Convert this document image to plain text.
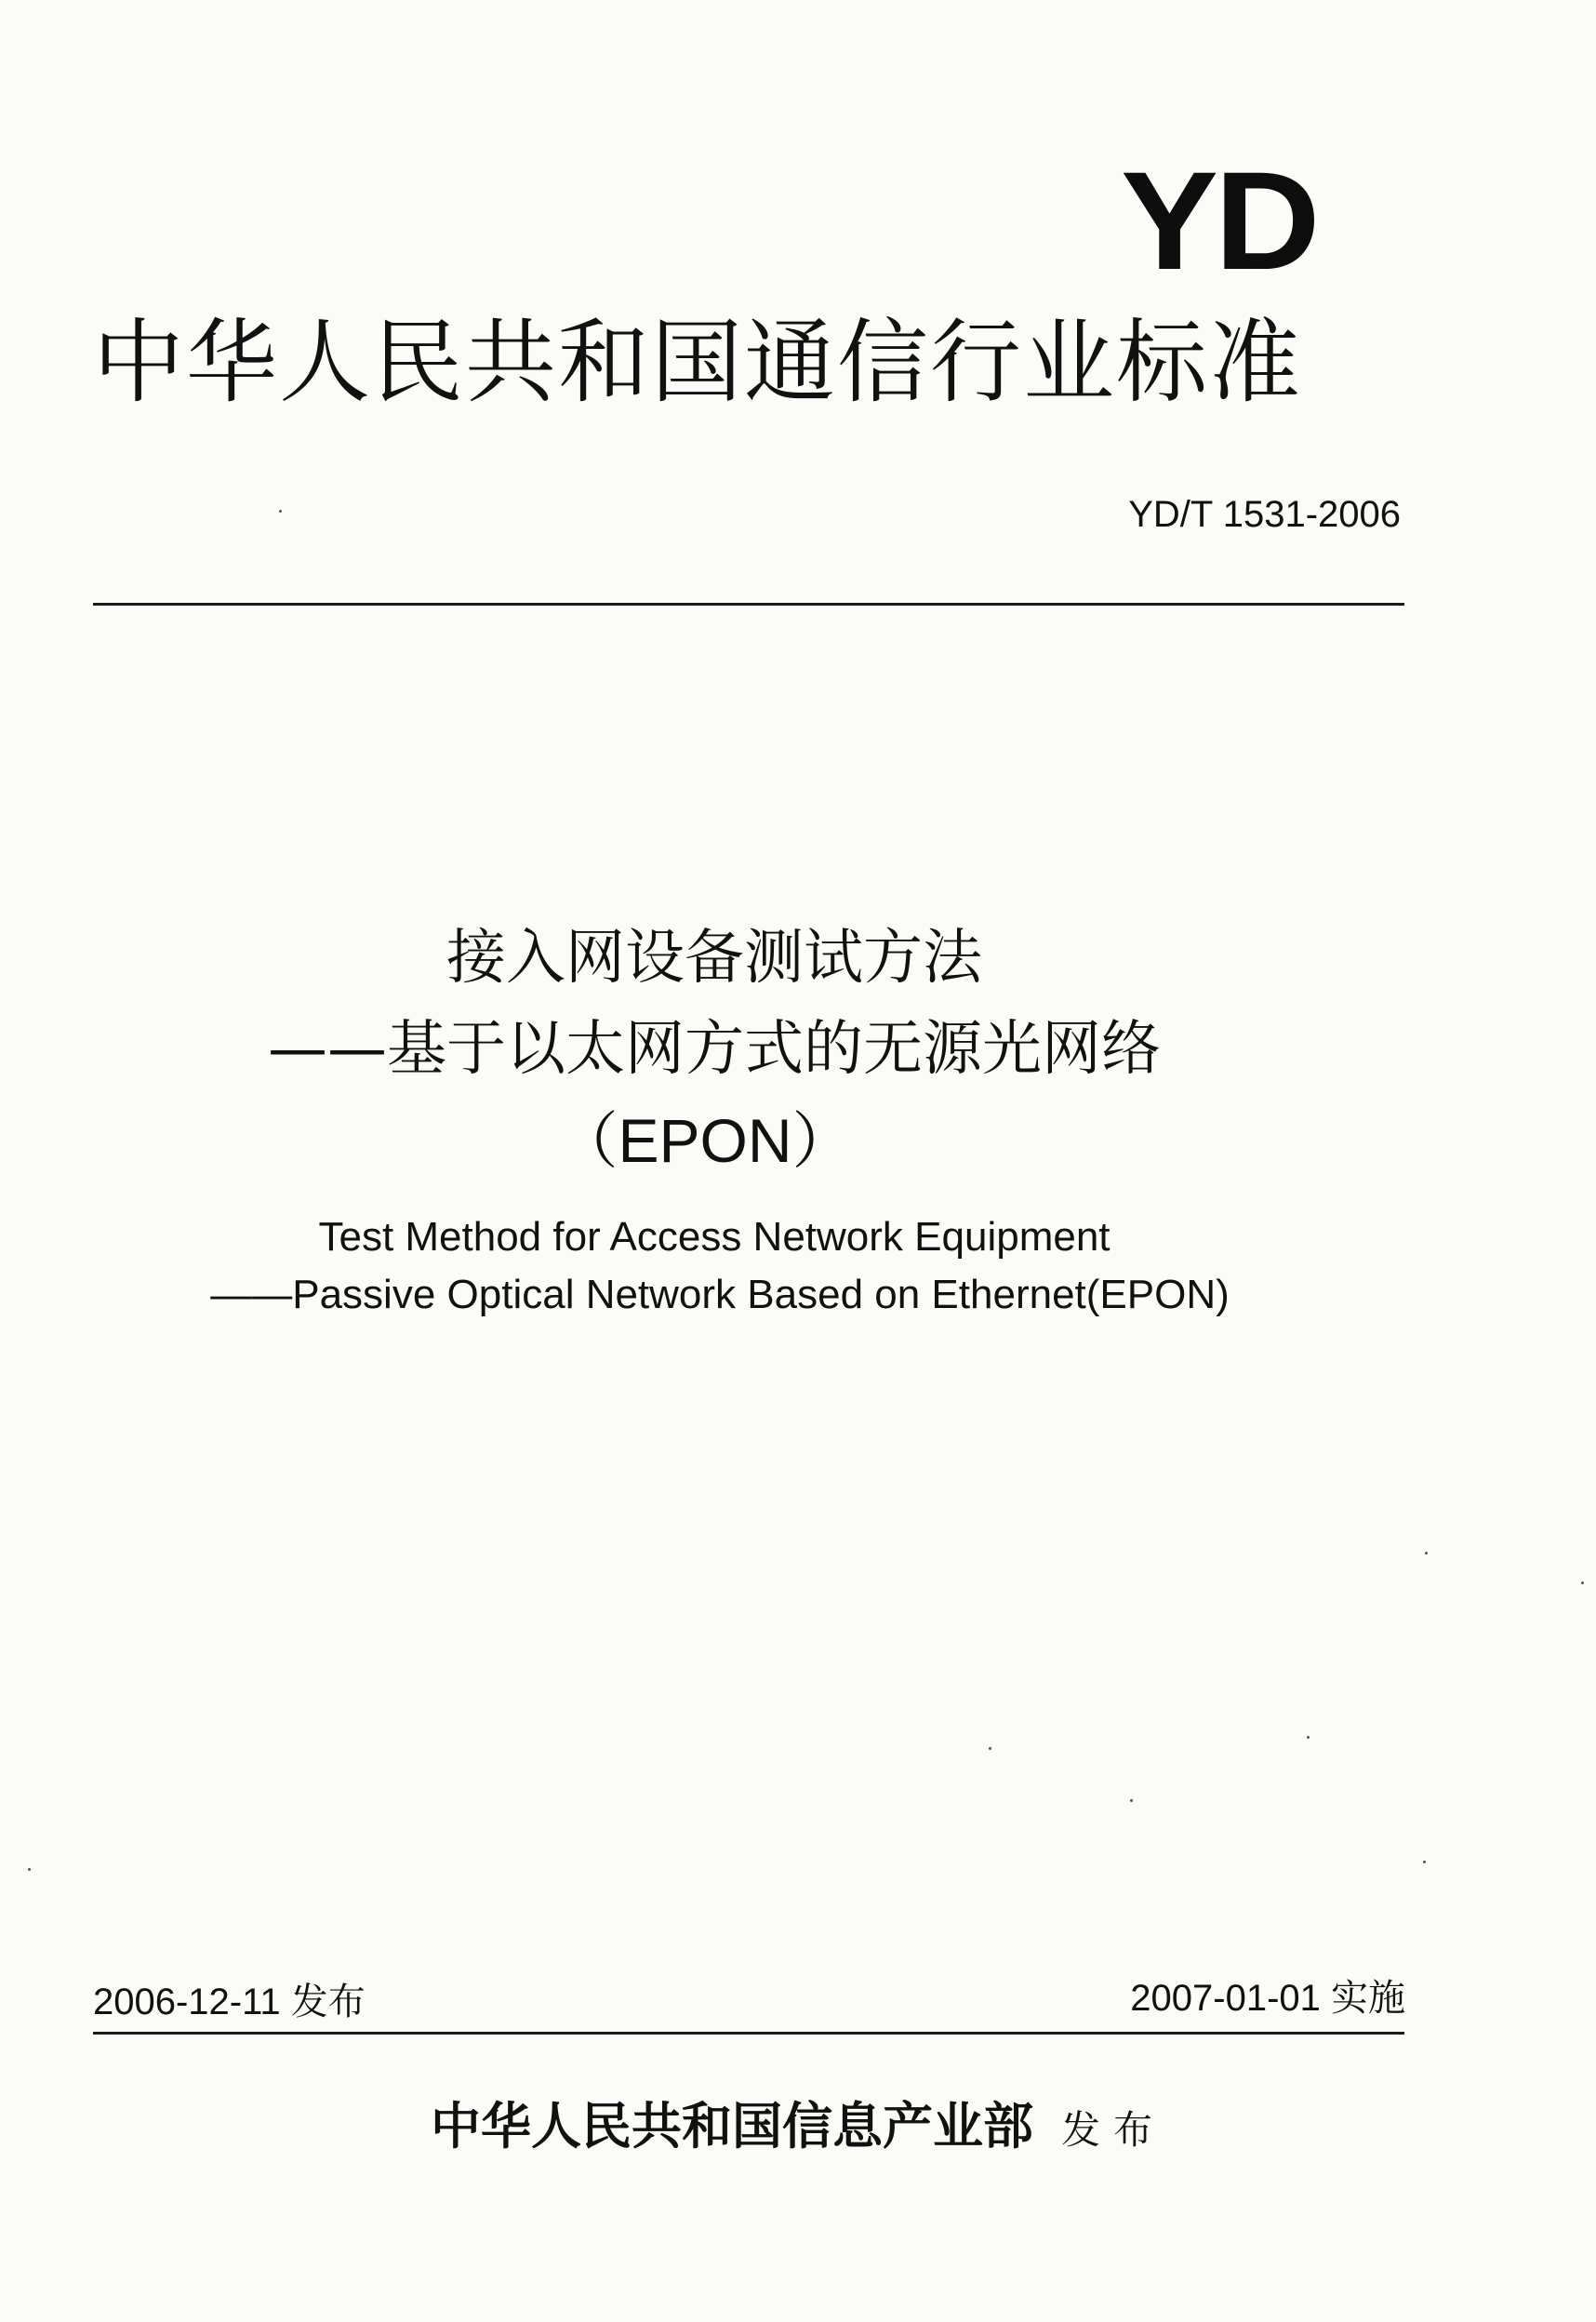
YD
中华人民共和国通信行业标准
YD/T 1531-2006
接入网设备测试方法
——基于以太网方式的无源光网络
（EPON）
Test Method for Access Network Equipment
——Passive Optical Network Based on Ethernet(EPON)
2006-12-11 发布	2007-01-01 实施
中华人民共和国信息产业部 发布
